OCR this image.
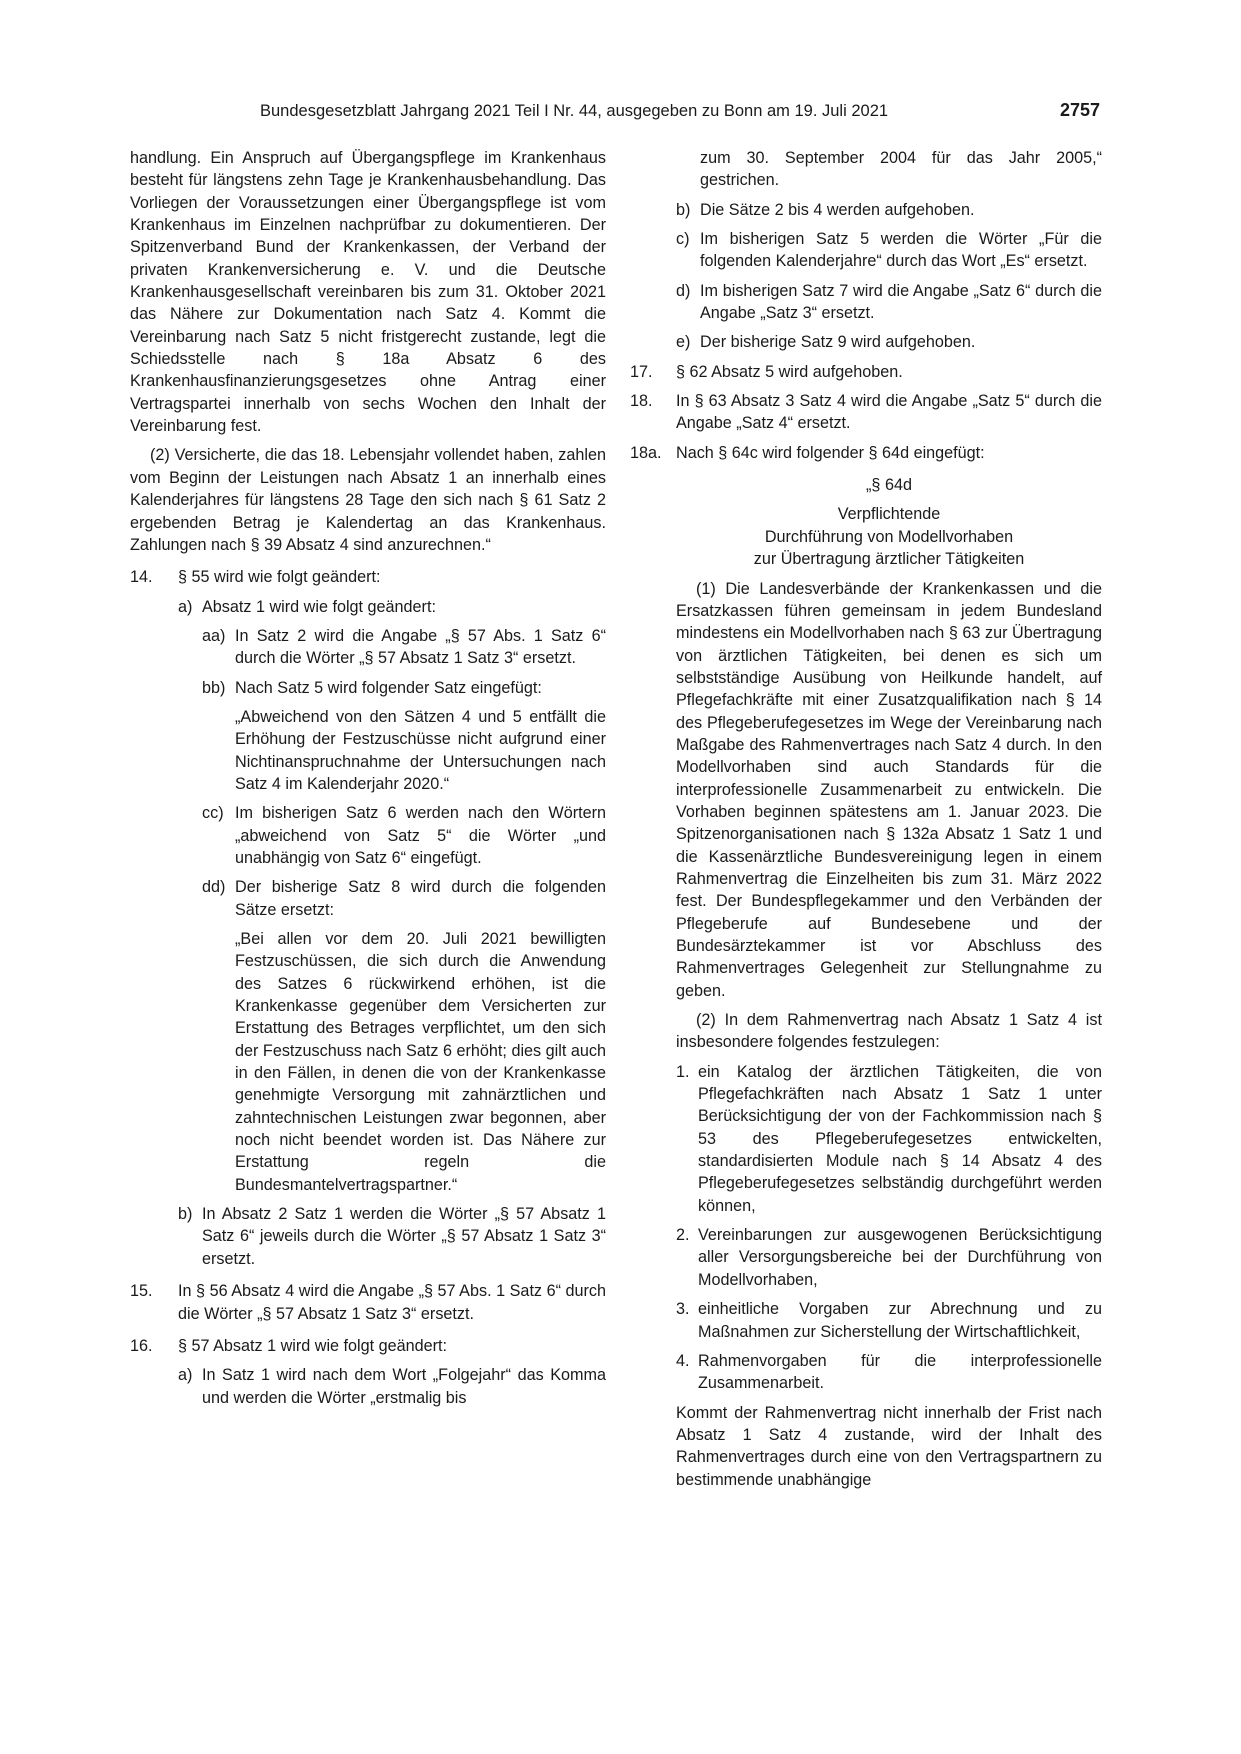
Bundesgesetzblatt Jahrgang 2021 Teil I Nr. 44, ausgegeben zu Bonn am 19. Juli 2021	2757

handlung. Ein Anspruch auf Übergangspflege im Krankenhaus besteht für längstens zehn Tage je Krankenhausbehandlung. Das Vorliegen der Voraussetzungen einer Übergangspflege ist vom Krankenhaus im Einzelnen nachprüfbar zu dokumentieren. Der Spitzenverband Bund der Krankenkassen, der Verband der privaten Krankenversicherung e. V. und die Deutsche Krankenhausgesellschaft vereinbaren bis zum 31. Oktober 2021 das Nähere zur Dokumentation nach Satz 4. Kommt die Vereinbarung nach Satz 5 nicht fristgerecht zustande, legt die Schiedsstelle nach § 18a Absatz 6 des Krankenhausfinanzierungsgesetzes ohne Antrag einer Vertragspartei innerhalb von sechs Wochen den Inhalt der Vereinbarung fest.

(2) Versicherte, die das 18. Lebensjahr vollendet haben, zahlen vom Beginn der Leistungen nach Absatz 1 an innerhalb eines Kalenderjahres für längstens 28 Tage den sich nach § 61 Satz 2 ergebenden Betrag je Kalendertag an das Krankenhaus. Zahlungen nach § 39 Absatz 4 sind anzurechnen.“

14.	§ 55 wird wie folgt geändert:
a) Absatz 1 wird wie folgt geändert:
aa) In Satz 2 wird die Angabe „§ 57 Abs. 1 Satz 6“ durch die Wörter „§ 57 Absatz 1 Satz 3“ ersetzt.
bb) Nach Satz 5 wird folgender Satz eingefügt:

„Abweichend von den Sätzen 4 und 5 entfällt die Erhöhung der Festzuschüsse nicht aufgrund einer Nichtinanspruchnahme der Untersuchungen nach Satz 4 im Kalenderjahr 2020.“

cc) Im bisherigen Satz 6 werden nach den Wörtern „abweichend von Satz 5“ die Wörter „und unabhängig von Satz 6“ eingefügt.
dd) Der bisherige Satz 8 wird durch die folgenden Sätze ersetzt:

„Bei allen vor dem 20. Juli 2021 bewilligten Festzuschüssen, die sich durch die Anwendung des Satzes 6 rückwirkend erhöhen, ist die Krankenkasse gegenüber dem Versicherten zur Erstattung des Betrages verpflichtet, um den sich der Festzuschuss nach Satz 6 erhöht; dies gilt auch in den Fällen, in denen die von der Krankenkasse genehmigte Versorgung mit zahnärztlichen und zahntechnischen Leistungen zwar begonnen, aber noch nicht beendet worden ist. Das Nähere zur Erstattung regeln die Bundesmantelvertragspartner.“

b) In Absatz 2 Satz 1 werden die Wörter „§ 57 Absatz 1 Satz 6“ jeweils durch die Wörter „§ 57 Absatz 1 Satz 3“ ersetzt.
15.	In § 56 Absatz 4 wird die Angabe „§ 57 Abs. 1 Satz 6“ durch die Wörter „§ 57 Absatz 1 Satz 3“ ersetzt.
16.	§ 57 Absatz 1 wird wie folgt geändert:
a) In Satz 1 wird nach dem Wort „Folgejahr“ das Komma und werden die Wörter „erstmalig bis

zum 30. September 2004 für das Jahr 2005,“ gestrichen.

b) Die Sätze 2 bis 4 werden aufgehoben.
c) Im bisherigen Satz 5 werden die Wörter „Für die folgenden Kalenderjahre“ durch das Wort „Es“ ersetzt.
d) Im bisherigen Satz 7 wird die Angabe „Satz 6“ durch die Angabe „Satz 3“ ersetzt.
e) Der bisherige Satz 9 wird aufgehoben.
17.	§ 62 Absatz 5 wird aufgehoben.
18.	In § 63 Absatz 3 Satz 4 wird die Angabe „Satz 5“ durch die Angabe „Satz 4“ ersetzt.
18a. Nach § 64c wird folgender § 64d eingefügt:

„§ 64d

Verpflichtende

Durchführung von Modellvorhaben

zur Übertragung ärztlicher Tätigkeiten

(1) Die Landesverbände der Krankenkassen und die Ersatzkassen führen gemeinsam in jedem Bundesland mindestens ein Modellvorhaben nach § 63 zur Übertragung von ärztlichen Tätigkeiten, bei denen es sich um selbstständige Ausübung von Heilkunde handelt, auf Pflegefachkräfte mit einer Zusatzqualifikation nach § 14 des Pflegeberufegesetzes im Wege der Vereinbarung nach Maßgabe des Rahmenvertrages nach Satz 4 durch. In den Modellvorhaben sind auch Standards für die interprofessionelle Zusammenarbeit zu entwickeln. Die Vorhaben beginnen spätestens am 1. Januar 2023. Die Spitzenorganisationen nach § 132a Absatz 1 Satz 1 und die Kassenärztliche Bundesvereinigung legen in einem Rahmenvertrag die Einzelheiten bis zum 31. März 2022 fest. Der Bundespflegekammer und den Verbänden der Pflegeberufe auf Bundesebene und der Bundesärztekammer ist vor Abschluss des Rahmenvertrages Gelegenheit zur Stellungnahme zu geben.

(2) In dem Rahmenvertrag nach Absatz 1 Satz 4 ist insbesondere folgendes festzulegen:

1. ein Katalog der ärztlichen Tätigkeiten, die von Pflegefachkräften nach Absatz 1 Satz 1 unter Berücksichtigung der von der Fachkommission nach § 53 des Pflegeberufegesetzes entwickelten, standardisierten Module nach § 14 Absatz 4 des Pflegeberufegesetzes selbständig durchgeführt werden können,
2. Vereinbarungen zur ausgewogenen Berücksichtigung aller Versorgungsbereiche bei der Durchführung von Modellvorhaben,
3. einheitliche Vorgaben zur Abrechnung und zu Maßnahmen zur Sicherstellung der Wirtschaftlichkeit,
4. Rahmenvorgaben für die interprofessionelle Zusammenarbeit.

Kommt der Rahmenvertrag nicht innerhalb der Frist nach Absatz 1 Satz 4 zustande, wird der Inhalt des Rahmenvertrages durch eine von den Vertragspartnern zu bestimmende unabhängige
